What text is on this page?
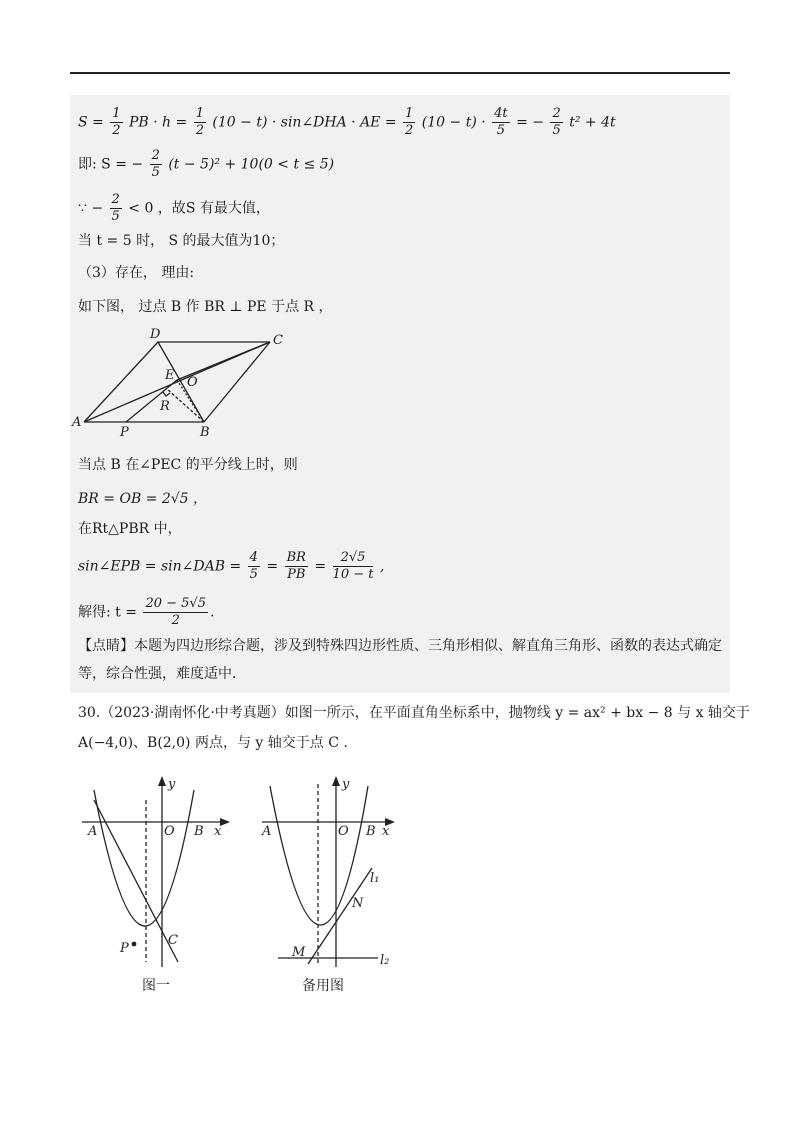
$S = \frac{1}{2}$ PB · $h = \frac{1}{2} (10 - t)$ · sin∠DHA · AE = $\frac{1}{2} (10 - t) \cdot \frac{4t}{5}$ = − $\frac{2}{5} t^2 + 4t$
即: S = − $\frac{2}{5} (t - 5)^2 + 10(0 < t \le 5)$
∵ − $\frac{2}{5} < 0$ ，故S 有最大值，
当 t = 5 时， S 的最大值为10；
（3）存在， 理由:
如下图， 过点 B 作 BR ⊥ PE 于点 R ，
D	C
E O
R
A
P	B
当点 B 在∠PEC 的平分线上时，则
BR = OB = 2√5 ，
在Rt△PBR 中，
sin∠EPB = sin∠DAB = $\frac{4}{5} = \frac{BR}{PB} = \frac{2√5}{10 - t}$ ,
解得: $t = \frac{20 - 5√5}{2}$ .
【点睛】本题为四边形综合题，涉及到特殊四边形性质、三角形相似、解直角三角形、函数的表达式确定等，综合性强，难度适中．
30.（2023·湖南怀化·中考真题）如图一所示，在平面直角坐标系中，抛物线 y = ax² + bx − 8 与 x 轴交于
A(−4,0)、B(2,0) 两点，与 y 轴交于点 C .
y
A	O B x
P
C
图一
y
A	O B x
l₁
N
M
l₂
备用图
